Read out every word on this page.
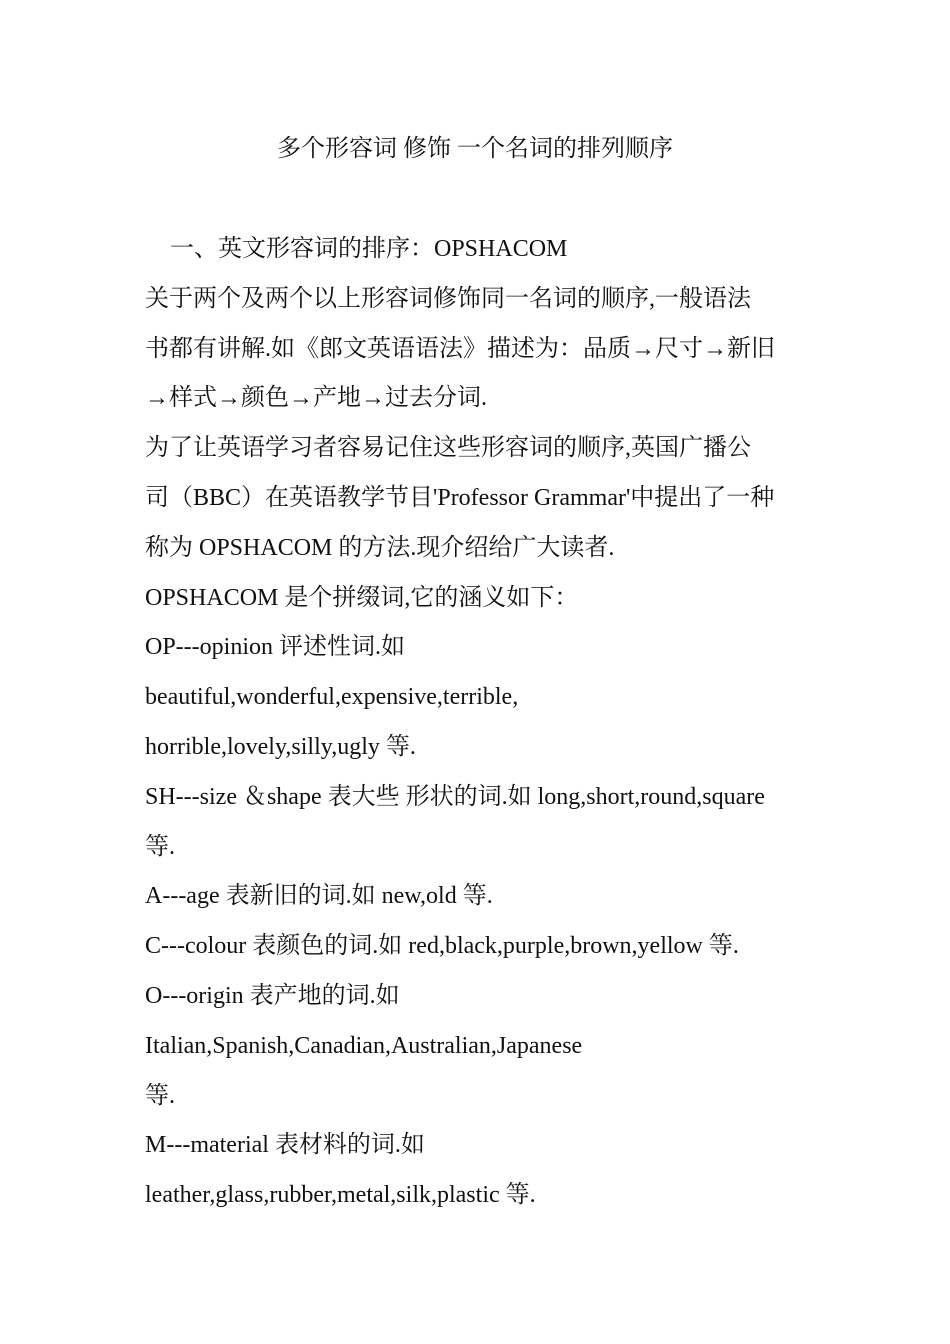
多个形容词 修饰 一个名词的排列顺序
一、英文形容词的排序：OPSHACOM
关于两个及两个以上形容词修饰同一名词的顺序,一般语法
书都有讲解.如《郎文英语语法》描述为：品质→尺寸→新旧
→样式→颜色→产地→过去分词.
为了让英语学习者容易记住这些形容词的顺序,英国广播公
司（BBC）在英语教学节目'Professor Grammar'中提出了一种
称为 OPSHACOM 的方法.现介绍给广大读者.
OPSHACOM 是个拼缀词,它的涵义如下：
OP---opinion 评述性词.如
beautiful,wonderful,expensive,terrible,
horrible,lovely,silly,ugly 等.
SH---size ＆shape 表大些 形状的词.如 long,short,round,square
等.
A---age 表新旧的词.如 new,old 等.
C---colour 表颜色的词.如 red,black,purple,brown,yellow 等.
O---origin 表产地的词.如
Italian,Spanish,Canadian,Australian,Japanese
等.
M---material 表材料的词.如
leather,glass,rubber,metal,silk,plastic 等.
